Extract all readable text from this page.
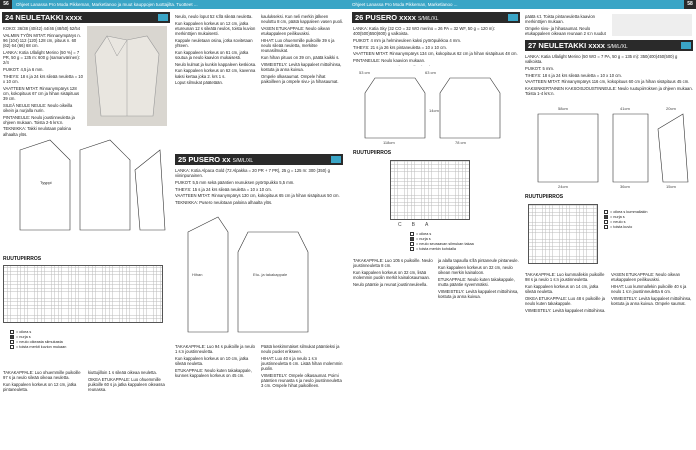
56	Ohjeet Lanassa Pro Moda Pikkeman, Marketlanoo ja muut kauppojen tuottajilta. Tuotteet ...	Ohjeet Lanassa Pro Moda Pikkeman, Marketlanoo ...	58
24 NEULETAKKI xxxx

KOKO: 36/38 (40/42) 44/46 (48/50) 52/54

VALMIIN TYÖN MITAT: Rinnanympärys n. 96 (104) 112 (120) 128 cm, pituus n. 60 (62) 64 (66) 68 cm.

LANKA: Kotia Ullalight Merino (50 %) = 7 PR, 50 g = 135 m: 600 g (samanvärinen): 2/4

PUIKOT: 4,5 ja 6 mm.

TIHEYS: 18 s ja 24 krs sileää neuletta = 10 x 10 cm.

VAATTEEN MITAT: Rinnanympärys 128 cm, kokopituus 67 cm ja hihan sisäpituus 39 cm.

SILEÄ NEULE NEULE: Neulo oikeilla oikein ja nurjalla nurin.

PINTANEULE: Neulo joustinneuletta ja ohjeen mukaan. Toista 2-5 krs:n.

TEKNIIKKA: Takki neulotaan paloina alhaalta ylös.

Neulo, neulo loput 52 s:llä sileää neuletta.

Kun kappaleen korkeus on 12 cm, jatka etureunan 12 s sileätä neulos, toista kuvion merkintöjen mukaisesti.

Kappale neuletaan osina, jotka sovitetaan yhteen.

Kun kappaleen korkeus on 61 cm, jatka soutua ja neulo kaavion mukaisesti.

Neulo kulmat ja kunkin kappaleen keskiosa.

Kun kappaleen korkeus on 62 cm, kavenna kaksi kertaa joka 2. krs 1 s.

Loput silmukat päätetään.

kaulukseksi. Kun neli merkin jälkeen neulottu 8 cm, päätä kappaleen vasen puoli.

VASEN ETUKAPPALE: Neulo oikean etukappaleen peilikuvaksi.

HIHAT: Luo ohuemmille puikoille 39 s ja neulo sileää neuletta, merkitse reunasilmukat.

Kun hihan pituus on 39 cm, päätä kaikki s.

VIIMEISTELY: Levitä kappaleet mittoihinsa, kostuta ja anna kuivua.

Ompele olkasaumat. Ompele hihat paikoilleen ja ompele sivu- ja hihasaumat.

Tyyppi
RUUTUPIIRROS
= oikea s
= nurja s
= neulo oikeasta silmukasta
= toista merkit kuvion mukaan

TAKAKAPPALE: Luo ohuemmille puikoille 97 s ja neulo sileää oikeaa neuletta.

Kun kappaleen korkeus on 12 cm, jatka pintaneuletta.

kiuttujilloin 1 s sileää oikeaa neuletta.

OIKEA ETUKAPPALE: Luo ohuemmille puikoille 60 s ja jatka kappaleen oikeassa reunassa.

25 PUSERO xx S/M/L/XL

LANKA: Kotia Alpaca Gold (72 Alpakka = 20 PR + 7 PR), 25 g = 125 m: 300 (350) g viininpunainen.

PUIKOT: 5,5 mm sekä pääntien reunuksen pyöröpuikko 5,5 mm.

TIHEYS: 15 s ja 24 krs sileää neuletta = 10 x 10 cm.

VAATTEEN MITAT: Rinnanympärys 130 cm, kokopituus 65 cm ja hihan sisäpituus 50 cm.

TEKNIIKKA: Pusero neulotaan paloina alhaalta ylös.

Hihan	Etu- ja takakappale

TAKAKAPPALE: Luo 94 s puikoille ja neulo 1 s:n joustinneuletta.

Kun kappaleen korkeus on 10 cm, jatka sileää neuletta.

ETUKAPPALE: Neulo kuten takakappale, kunnes kappaleen korkeus on 45 cm.

Päätä keskimmäiset silmukat pääntieksi ja neulo puolet erikseen.

HIHAT: Luo 40 s ja neulo 1 s:n joustinneuletta 6 cm. Lisää hihan molemmin puolin.

VIIMEISTELY: Ompele olkasaumat. Poimi pääntien reunasta s ja neulo joustinneuletta 3 cm. Ompele hihat paikoilleen.

26 PUSERO xxxx S/M/L/XL

LANKA: Katia Sky (32 CO = 32 WO merino = 26 PA = 32 WF, 50 g = 120 m): 400(500)550(600) g valkoista.

PUIKOT: 4 mm ja helmineuleen kaksi pyöröpuikkoa 4 mm.

TIHEYS: 21 s ja 26 krs pintaneuletta = 10 x 10 cm.

VAATTEEN MITAT: Rinnanympärys 134 cm, kokopituus 62 cm ja hihan sisäpituus 48 cm.

PINTANEULE: Neulo kaavion mukaan.

53 cm	63 cm
118cm
14cm
78 cm
RUUTUPIIRROS
CBA
= oikea s
= nurja s
= neulo seuraavan silmukan takaa
= toista merkin kohdalla

TAKAKAPPALE: Luo 105 s puikoille. Neulo joustinneuletta 8 cm.

Kun kappaleen korkeus on 32 cm, lisää molemmin puolin merkit kainalosaumaan.

Neulo pääntie ja reunat joustinneuleella.

ja alalla tapaulla s:llä pintaneule pintaneule.

Kun kappaleen korkeus on 32 cm, neulo oikean merkin kainaloon.

ETUKAPPALE: Neulo kuten takakappale, mutta pääntie syvemmäksi.

VIIMEISTELY: Levitä kappaleet mittoihinsa, kostuta ja anna kuivua.

päätä s:t. Toista pintaneuletta kaavion merkintöjen mukaan.

Ompele sivu- ja hihasaumat. Neulo etukappaleen oikeaan reunaan 2 s:n ruudut

27 NEULETAKKI xxxx S/M/L/XL

LANKA: Katia Ullalight Merino (50 WO = 7 PA, 50 g = 135 m): 350(400)450(500) g valkoista.

PUIKOT: 5 mm.

TIHEYS: 18 s ja 24 krs sileää neuletta = 10 x 10 cm.

VAATTEEN MITAT: Rinnanympärys 116 cm, kokopituus 60 cm ja hihan sisäpituus 45 cm.

KAKSINKERTAINEN KAKSOISJOUSTINNEULE: Neulo ruutupiirroksen ja ohjeen mukaan. Toista 1-4 krs:n.

58cm	41cm	20cm
24cm	36cm	15cm
RUUTUPIIRROS
= oikea s kummallakin
= nurja s
= neulo s
= toista kuvio

TAKAKAPPALE: Luo kummallekin puikoille 98 s ja neulo 1 s:n joustinneuletta.

Kun kappaleen korkeus on 14 cm, jatka sileää neuletta.

OIKEA ETUKAPPALE: Luo 48 s puikoille ja neulo kuten takakappale.

VIIMEISTELY: Levitä kappaleet mittoihinsa.

VASEN ETUKAPPALE: Neulo oikean etukappaleen peilikuvaksi.

HIHAT: Luo kummallekin puikoille 40 s ja neulo 1 s:n joustinneuletta 6 cm.

VIIMEISTELY: Levitä kappaleet mittoihinsa, kostuta ja anna kuivua. Ompele saumat.
